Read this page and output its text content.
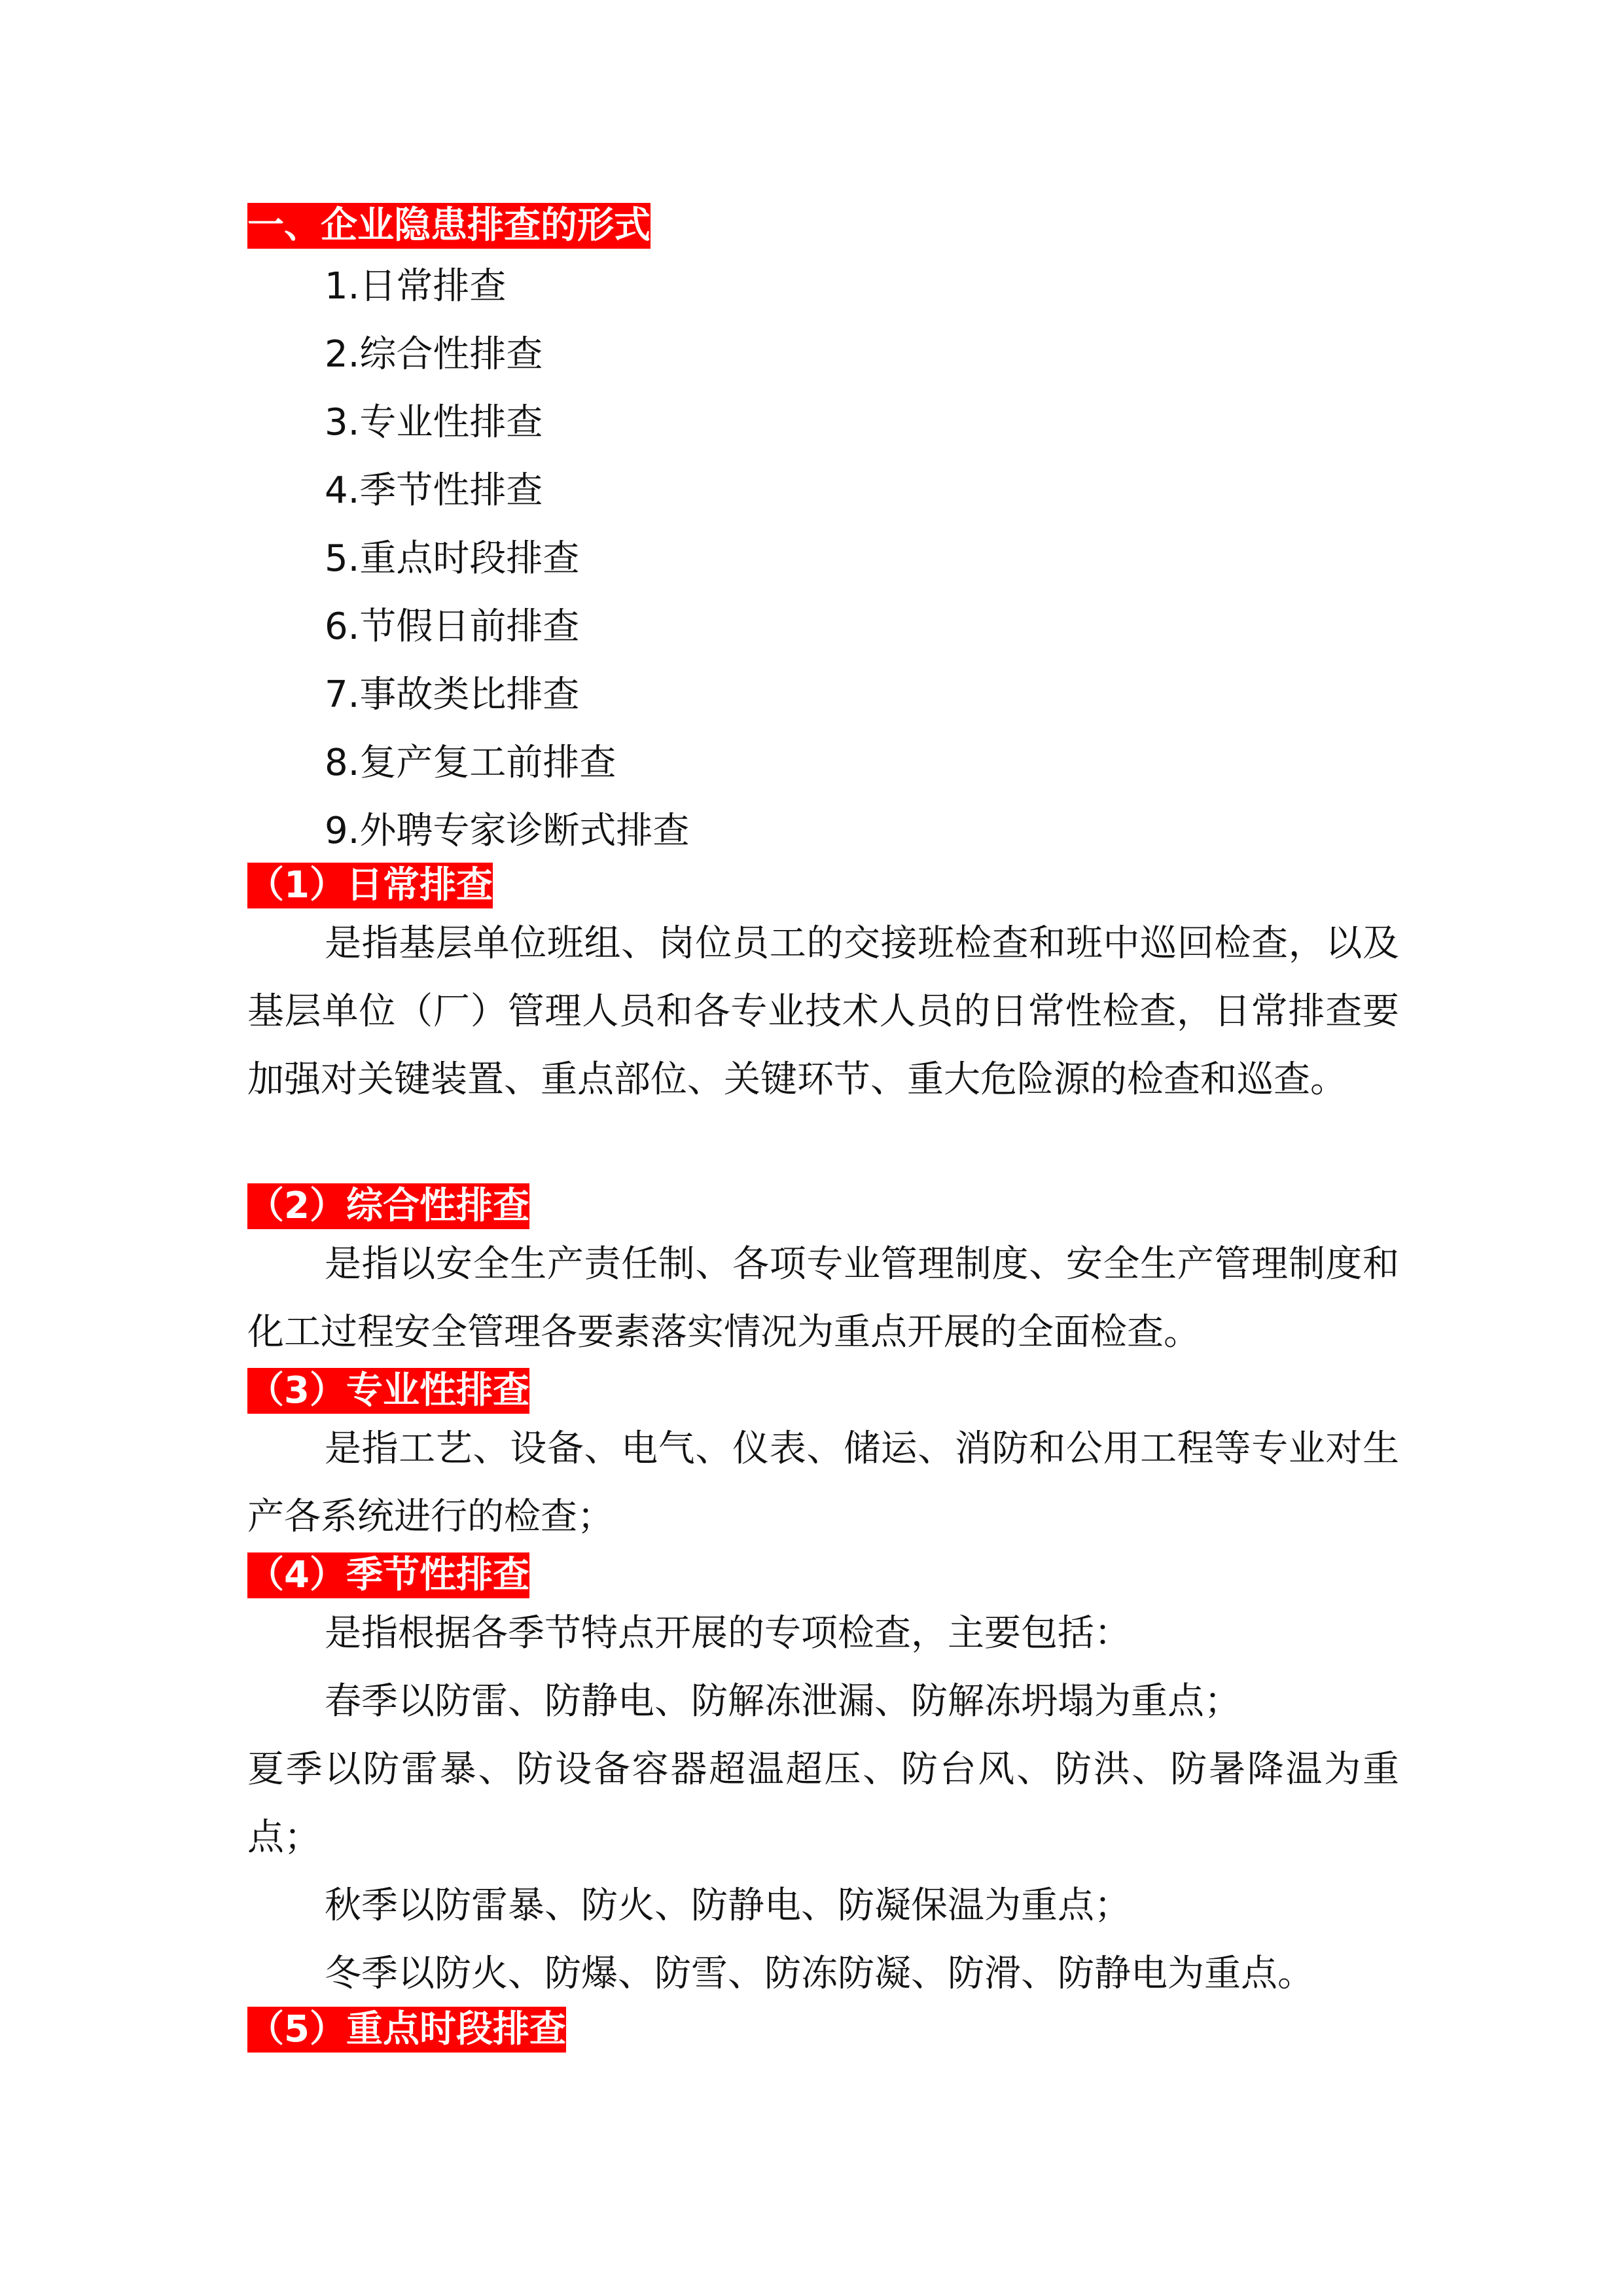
一、企业隐患排查的形式
1.日常排查
2.综合性排查
3.专业性排查
4.季节性排查
5.重点时段排查
6.节假日前排查
7.事故类比排查
8.复产复工前排查
9.外聘专家诊断式排查
（1）日常排查
是指基层单位班组、岗位员工的交接班检查和班中巡回检查，以及基层单位（厂）管理人员和各专业技术人员的日常性检查，日常排查要加强对关键装置、重点部位、关键环节、重大危险源的检查和巡查。
（2）综合性排查
是指以安全生产责任制、各项专业管理制度、安全生产管理制度和化工过程安全管理各要素落实情况为重点开展的全面检查。
（3）专业性排查
是指工艺、设备、电气、仪表、储运、消防和公用工程等专业对生产各系统进行的检查；
（4）季节性排查
是指根据各季节特点开展的专项检查，主要包括：
春季以防雷、防静电、防解冻泄漏、防解冻坍塌为重点；
夏季以防雷暴、防设备容器超温超压、防台风、防洪、防暑降温为重点；
秋季以防雷暴、防火、防静电、防凝保温为重点；
冬季以防火、防爆、防雪、防冻防凝、防滑、防静电为重点。
（5）重点时段排查
